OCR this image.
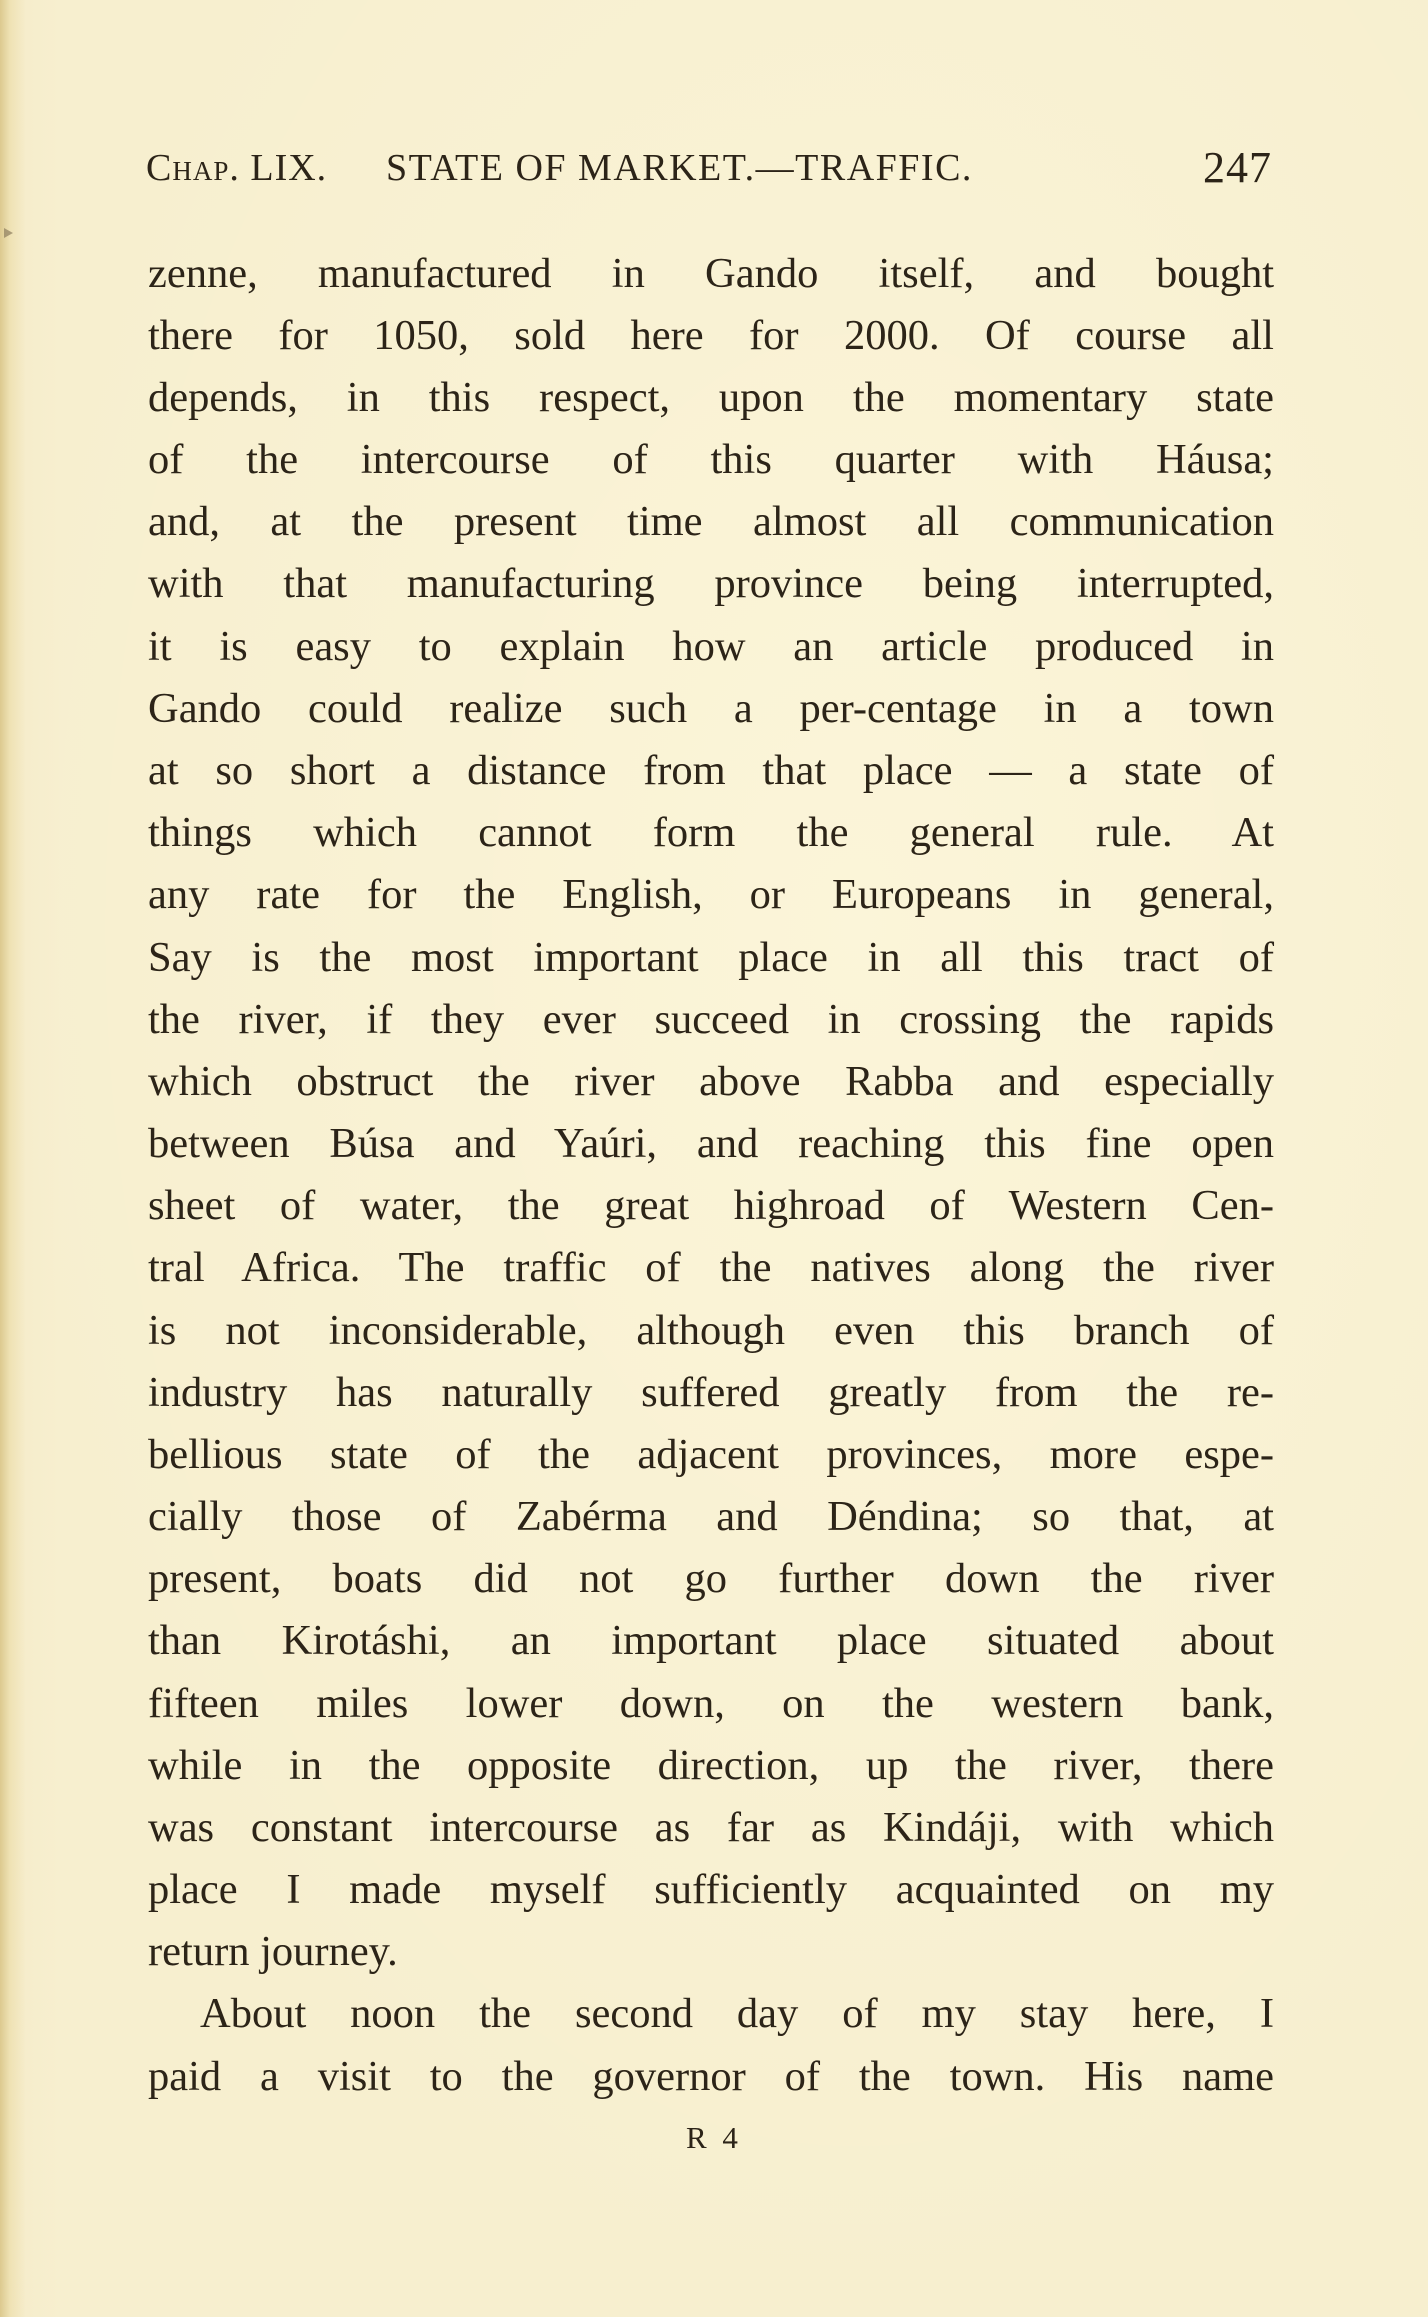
Chap. LIX. STATE OF MARKET.—TRAFFIC.	247
zenne, manufactured in Gando itself, and bought
there for 1050, sold here for 2000. Of course all
depends, in this respect, upon the momentary state
of the intercourse of this quarter with Háusa;
and, at the present time almost all communication
with that manufacturing province being interrupted,
it is easy to explain how an article produced in
Gando could realize such a per-centage in a town
at so short a distance from that place — a state of
things which cannot form the general rule. At
any rate for the English, or Europeans in general,
Say is the most important place in all this tract of
the river, if they ever succeed in crossing the rapids
which obstruct the river above Rabba and especially
between Búsa and Yaúri, and reaching this fine open
sheet of water, the great highroad of Western Cen-
tral Africa. The traffic of the natives along the river
is not inconsiderable, although even this branch of
industry has naturally suffered greatly from the re-
bellious state of the adjacent provinces, more espe-
cially those of Zabérma and Déndina; so that, at
present, boats did not go further down the river
than Kirotáshi, an important place situated about
fifteen miles lower down, on the western bank,
while in the opposite direction, up the river, there
was constant intercourse as far as Kindáji, with which
place I made myself sufficiently acquainted on my
return journey.
About noon the second day of my stay here, I
paid a visit to the governor of the town. His name
R 4
